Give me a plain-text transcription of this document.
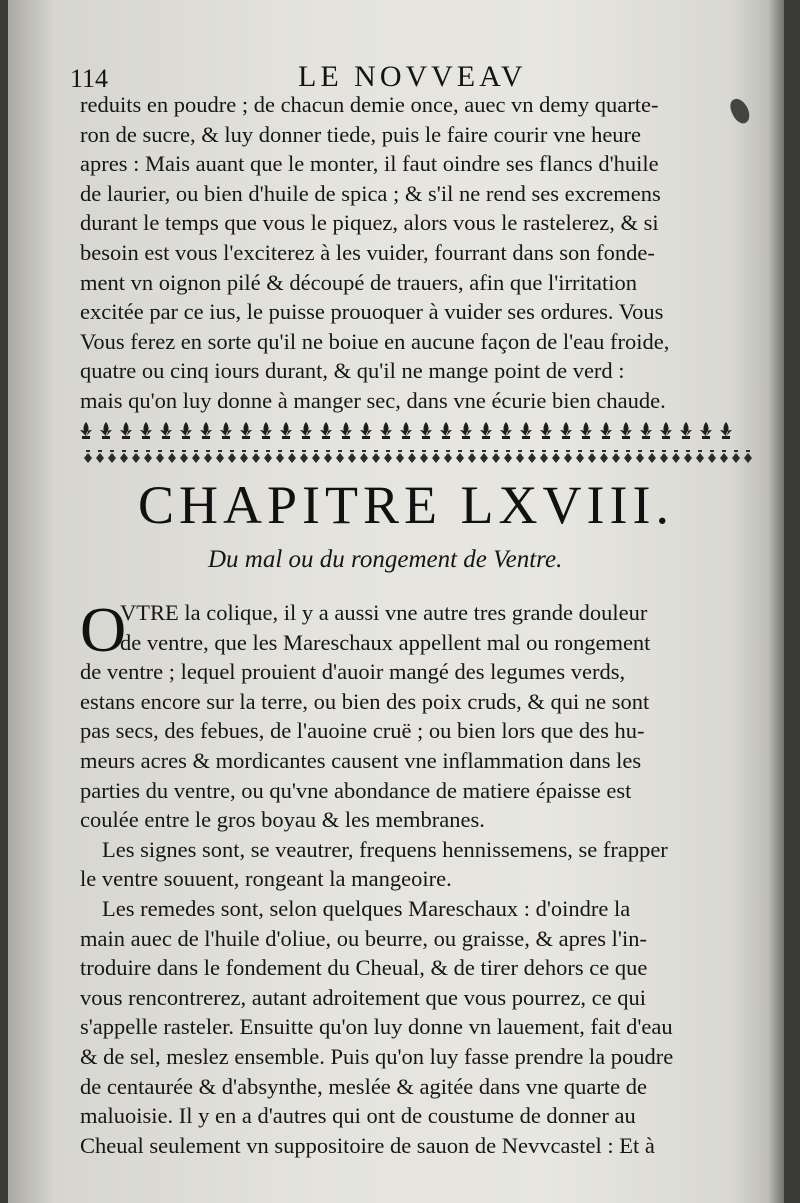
114	LE NOVVEAV
reduits en poudre ; de chacun demie once, auec vn demy quarte-
ron de sucre, & luy donner tiede, puis le faire courir vne heure
apres : Mais auant que le monter, il faut oindre ses flancs d'huile
de laurier, ou bien d'huile de spica ; & s'il ne rend ses excremens
durant le temps que vous le piquez, alors vous le rastelerez, & si
besoin est vous l'exciterez à les vuider, fourrant dans son fonde-
ment vn oignon pilé & découpé de trauers, afin que l'irritation
excitée par ce ius, le puisse prouoquer à vuider ses ordures. Vous
Vous ferez en sorte qu'il ne boiue en aucune façon de l'eau froide,
quatre ou cinq iours durant, & qu'il ne mange point de verd :
mais qu'on luy donne à manger sec, dans vne écurie bien chaude.
CHAPITRE LXVIII.
Du mal ou du rongement de Ventre.
O
VTRE la colique, il y a aussi vne autre tres grande douleur
de ventre, que les Mareschaux appellent mal ou rongement
de ventre ; lequel prouient d'auoir mangé des legumes verds,
estans encore sur la terre, ou bien des poix cruds, & qui ne sont
pas secs, des febues, de l'auoine cruë ; ou bien lors que des hu-
meurs acres & mordicantes causent vne inflammation dans les
parties du ventre, ou qu'vne abondance de matiere épaisse est
coulée entre le gros boyau & les membranes.
Les signes sont, se veautrer, frequens hennissemens, se frapper
le ventre souuent, rongeant la mangeoire.
Les remedes sont, selon quelques Mareschaux : d'oindre la
main auec de l'huile d'oliue, ou beurre, ou graisse, & apres l'in-
troduire dans le fondement du Cheual, & de tirer dehors ce que
vous rencontrerez, autant adroitement que vous pourrez, ce qui
s'appelle rasteler. Ensuitte qu'on luy donne vn lauement, fait d'eau
& de sel, meslez ensemble. Puis qu'on luy fasse prendre la poudre
de centaurée & d'absynthe, meslée & agitée dans vne quarte de
maluoisie. Il y en a d'autres qui ont de coustume de donner au
Cheual seulement vn suppositoire de sauon de Nevvcastel : Et à
